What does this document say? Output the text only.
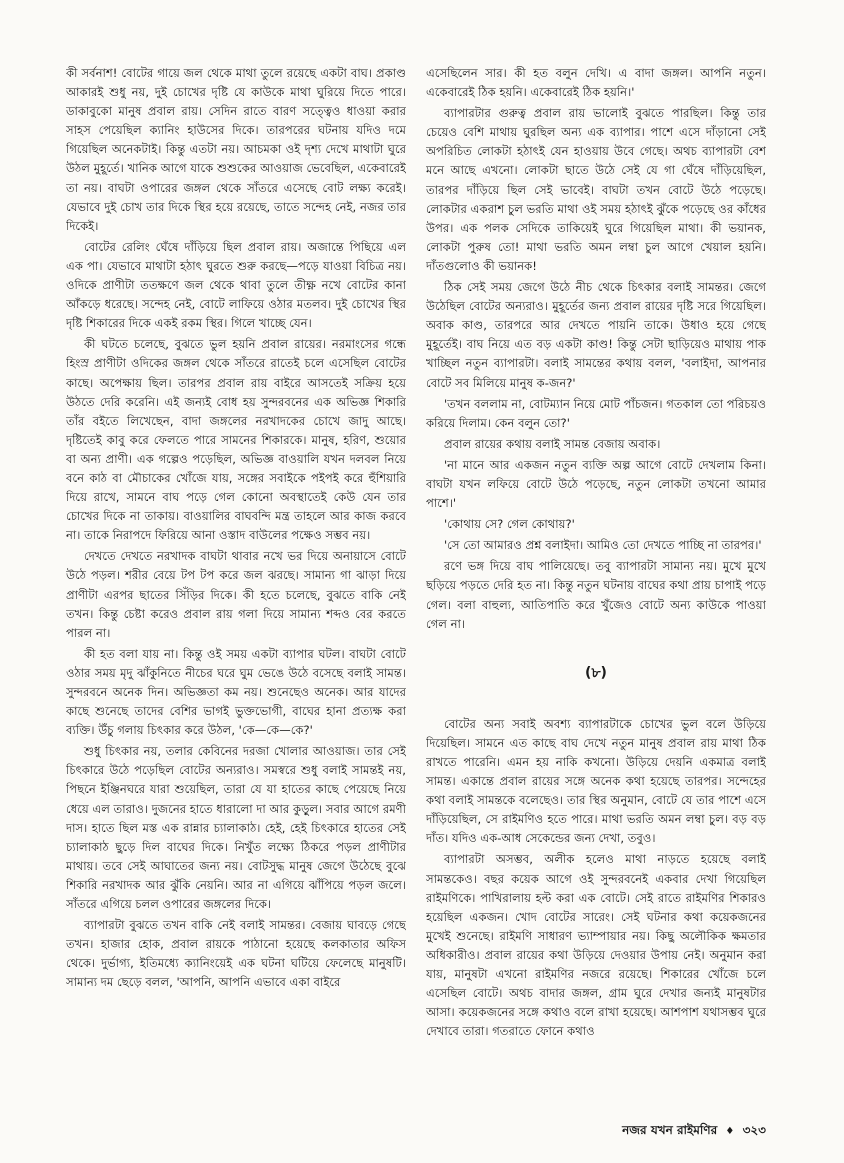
কী সর্বনাশ! বোটের গায়ে জল থেকে মাথা তুলে রয়েছে একটা বাঘ। প্রকাণ্ড আকারই শুধু নয়, দুই চোখের দৃষ্টি যে কাউকে মাথা ঘুরিয়ে দিতে পারে। ডাকাবুকো মানুষ প্রবাল রায়। সেদিন রাতে বারণ সত্ত্বেও ধাওয়া করার সাহস পেয়েছিল ক্যানিং হাউসের দিকে। তারপরের ঘটনায় যদিও দমে গিয়েছিল অনেকটাই। কিন্তু এতটা নয়। আচমকা ওই দৃশ্য দেখে মাথাটা ঘুরে উঠল মুহূর্তে। খানিক আগে যাকে শুশুকের আওয়াজ ভেবেছিল, একেবারেই তা নয়। বাঘটা ওপারের জঙ্গল থেকে সাঁতরে এসেছে বোট লক্ষ্য করেই। যেভাবে দুই চোখ তার দিকে স্থির হয়ে রয়েছে, তাতে সন্দেহ নেই, নজর তার দিকেই।

বোটের রেলিং ঘেঁষে দাঁড়িয়ে ছিল প্রবাল রায়। অজান্তে পিছিয়ে এল এক পা। যেভাবে মাথাটা হঠাৎ ঘুরতে শুরু করছে—পড়ে যাওয়া বিচিত্র নয়। ওদিকে প্রাণীটা ততক্ষণে জল থেকে থাবা তুলে তীক্ষ্ণ নখে বোটের কানা আঁকড়ে ধরেছে। সন্দেহ নেই, বোটে লাফিয়ে ওঠার মতলব। দুই চোখের স্থির দৃষ্টি শিকারের দিকে একই রকম স্থির। গিলে খাচ্ছে যেন।

কী ঘটতে চলেছে, বুঝতে ভুল হয়নি প্রবাল রায়ের। নরমাংসের গন্ধে হিংস্র প্রাণীটা ওদিকের জঙ্গল থেকে সাঁতরে রাতেই চলে এসেছিল বোটের কাছে। অপেক্ষায় ছিল। তারপর প্রবাল রায় বাইরে আসতেই সক্রিয় হয়ে উঠতে দেরি করেনি। এই জন্যই বোধ হয় সুন্দরবনের এক অভিজ্ঞ শিকারি তাঁর বইতে লিখেছেন, বাদা জঙ্গলের নরখাদকের চোখে জাদু আছে। দৃষ্টিতেই কাবু করে ফেলতে পারে সামনের শিকারকে। মানুষ, হরিণ, শুয়োর বা অন্য প্রাণী। এক গল্পেও পড়েছিল, অভিজ্ঞ বাওয়ালি যখন দলবল নিয়ে বনে কাঠ বা মৌচাকের খোঁজে যায়, সঙ্গের সবাইকে পইপই করে হুঁশিয়ারি দিয়ে রাখে, সামনে বাঘ পড়ে গেল কোনো অবস্থাতেই কেউ যেন তার চোখের দিকে না তাকায়। বাওয়ালির বাঘবন্দি মন্ত্র তাহলে আর কাজ করবে না। তাকে নিরাপদে ফিরিয়ে আনা ওস্তাদ বাউলের পক্ষেও সম্ভব নয়।

দেখতে দেখতে নরখাদক বাঘটা থাবার নখে ভর দিয়ে অনায়াসে বোটে উঠে পড়ল। শরীর বেয়ে টপ টপ করে জল ঝরছে। সামান্য গা ঝাড়া দিয়ে প্রাণীটা এরপর ছাতের সিঁড়ির দিকে। কী হতে চলেছে, বুঝতে বাকি নেই তখন। কিন্তু চেষ্টা করেও প্রবাল রায় গলা দিয়ে সামান্য শব্দও বের করতে পারল না।

কী হত বলা যায় না। কিন্তু ওই সময় একটা ব্যাপার ঘটল। বাঘটা বোটে ওঠার সময় মৃদু ঝাঁকুনিতে নীচের ঘরে ঘুম ভেঙে উঠে বসেছে বলাই সামন্ত। সুন্দরবনে অনেক দিন। অভিজ্ঞতা কম নয়। শুনেছেও অনেক। আর যাদের কাছে শুনেছে তাদের বেশির ভাগই ভুক্তভোগী, বাঘের হানা প্রত্যক্ষ করা ব্যক্তি। উঁচু গলায় চিৎকার করে উঠল, 'কে—কে—কে?'

শুধু চিৎকার নয়, তলার কেবিনের দরজা খোলার আওয়াজ। তার সেই চিৎকারে উঠে পড়েছিল বোটের অন্যরাও। সমস্বরে শুধু বলাই সামন্তই নয়, পিছনে ইঞ্জিনঘরে যারা শুয়েছিল, তারা যে যা হাতের কাছে পেয়েছে নিয়ে ধেয়ে এল তারাও। দুজনের হাতে ধারালো দা আর কুড়ুল। সবার আগে রমণী দাস। হাতে ছিল মস্ত এক রান্নার চ্যালাকাঠ। হেই, হেই চিৎকারে হাতের সেই চ্যালাকাঠ ছুড়ে দিল বাঘের দিকে। নিখুঁত লক্ষ্যে ঠিকরে পড়ল প্রাণীটার মাথায়। তবে সেই আঘাতের জন্য নয়। বোটসুদ্ধ মানুষ জেগে উঠেছে বুঝে শিকারি নরখাদক আর ঝুঁকি নেয়নি। আর না এগিয়ে ঝাঁপিয়ে পড়ল জলে। সাঁতরে এগিয়ে চলল ওপারের জঙ্গলের দিকে।

ব্যাপারটা বুঝতে তখন বাকি নেই বলাই সামন্তর। বেজায় ঘাবড়ে গেছে তখন। হাজার হোক, প্রবাল রায়কে পাঠানো হয়েছে কলকাতার অফিস থেকে। দুর্ভাগ্য, ইতিমধ্যে ক্যানিংয়েই এক ঘটনা ঘটিয়ে ফেলেছে মানুষটি। সামান্য দম ছেড়ে বলল, 'আপনি, আপনি এভাবে একা বাইরে

এসেছিলেন সার। কী হত বলুন দেখি। এ বাদা জঙ্গল। আপনি নতুন। একেবারেই ঠিক হয়নি। একেবারেই ঠিক হয়নি।'

ব্যাপারটার গুরুত্ব প্রবাল রায় ভালোই বুঝতে পারছিল। কিন্তু তার চেয়েও বেশি মাথায় ঘুরছিল অন্য এক ব্যাপার। পাশে এসে দাঁড়ানো সেই অপরিচিত লোকটা হঠাৎই যেন হাওয়ায় উবে গেছে। অথচ ব্যাপারটা বেশ মনে আছে এখনো। লোকটা ছাতে উঠে সেই যে গা ঘেঁষে দাঁড়িয়েছিল, তারপর দাঁড়িয়ে ছিল সেই ভাবেই। বাঘটা তখন বোটে উঠে পড়েছে। লোকটার একরাশ চুল ভরতি মাথা ওই সময় হঠাৎই ঝুঁকে পড়েছে ওর কাঁধের উপর। এক পলক সেদিকে তাকিয়েই ঘুরে গিয়েছিল মাথা। কী ভয়ানক, লোকটা পুরুষ তো! মাথা ভরতি অমন লম্বা চুল আগে খেয়াল হয়নি। দাঁতগুলোও কী ভয়ানক!

ঠিক সেই সময় জেগে উঠে নীচ থেকে চিৎকার বলাই সামন্তর। জেগে উঠেছিল বোটের অন্যরাও। মুহূর্তের জন্য প্রবাল রায়ের দৃষ্টি সরে গিয়েছিল। অবাক কাণ্ড, তারপরে আর দেখতে পায়নি তাকে। উধাও হয়ে গেছে মুহূর্তেই। বাঘ নিয়ে এত বড় একটা কাণ্ড! কিন্তু সেটা ছাড়িয়েও মাথায় পাক খাচ্ছিল নতুন ব্যাপারটা। বলাই সামন্তের কথায় বলল, 'বলাইদা, আপনার বোটে সব মিলিয়ে মানুষ ক-জন?'

'তখন বললাম না, বোটম্যান নিয়ে মোট পাঁচজন। গতকাল তো পরিচয়ও করিয়ে দিলাম। কেন বলুন তো?'

প্রবাল রায়ের কথায় বলাই সামন্ত বেজায় অবাক।

'না মানে আর একজন নতুন ব্যক্তি অল্প আগে বোটে দেখলাম কিনা। বাঘটা যখন লফিয়ে বোটে উঠে পড়েছে, নতুন লোকটা তখনো আমার পাশে।'

'কোথায় সে? গেল কোথায়?'

'সে তো আমারও প্রশ্ন বলাইদা। আমিও তো দেখতে পাচ্ছি না তারপর।'

রণে ভঙ্গ দিয়ে বাঘ পালিয়েছে। তবু ব্যাপারটা সামান্য নয়। মুখে মুখে ছড়িয়ে পড়তে দেরি হত না। কিন্তু নতুন ঘটনায় বাঘের কথা প্রায় চাপাই পড়ে গেল। বলা বাহুল্য, আতিপাতি করে খুঁজেও বোটে অন্য কাউকে পাওয়া গেল না।

(৮)

বোটের অন্য সবাই অবশ্য ব্যাপারটাকে চোখের ভুল বলে উড়িয়ে দিয়েছিল। সামনে এত কাছে বাঘ দেখে নতুন মানুষ প্রবাল রায় মাথা ঠিক রাখতে পারেনি। এমন হয় নাকি কখনো। উড়িয়ে দেয়নি একমাত্র বলাই সামন্ত। একান্তে প্রবাল রায়ের সঙ্গে অনেক কথা হয়েছে তারপর। সন্দেহের কথা বলাই সামন্তকে বলেছেও। তার স্থির অনুমান, বোটে যে তার পাশে এসে দাঁড়িয়েছিল, সে রাইমণিও হতে পারে। মাথা ভরতি অমন লম্বা চুল। বড় বড় দাঁত। যদিও এক-আধ সেকেন্ডের জন্য দেখা, তবুও।

ব্যাপারটা অসম্ভব, অলীক হলেও মাথা নাড়তে হয়েছে বলাই সামন্তকেও। বছর কয়েক আগে ওই সুন্দরবনেই একবার দেখা গিয়েছিল রাইমণিকে। পাখিরালায় হল্ট করা এক বোটে। সেই রাতে রাইমণির শিকারও হয়েছিল একজন। খোদ বোটের সারেং। সেই ঘটনার কথা কয়েকজনের মুখেই শুনেছে। রাইমণি সাধারণ ভ্যাম্পায়ার নয়। কিছু অলৌকিক ক্ষমতার অধিকারীও। প্রবাল রায়ের কথা উড়িয়ে দেওয়ার উপায় নেই। অনুমান করা যায়, মানুষটা এখনো রাইমণির নজরে রয়েছে। শিকারের খোঁজে চলে এসেছিল বোটে। অথচ বাদার জঙ্গল, গ্রাম ঘুরে দেখার জন্যই মানুষটার আসা। কয়েকজনের সঙ্গে কথাও বলে রাখা হয়েছে। আশপাশ যথাসম্ভব ঘুরে দেখাবে তারা। গতরাতে ফোনে কথাও

নজর যখন রাইমণির ♦ ৩২৩
